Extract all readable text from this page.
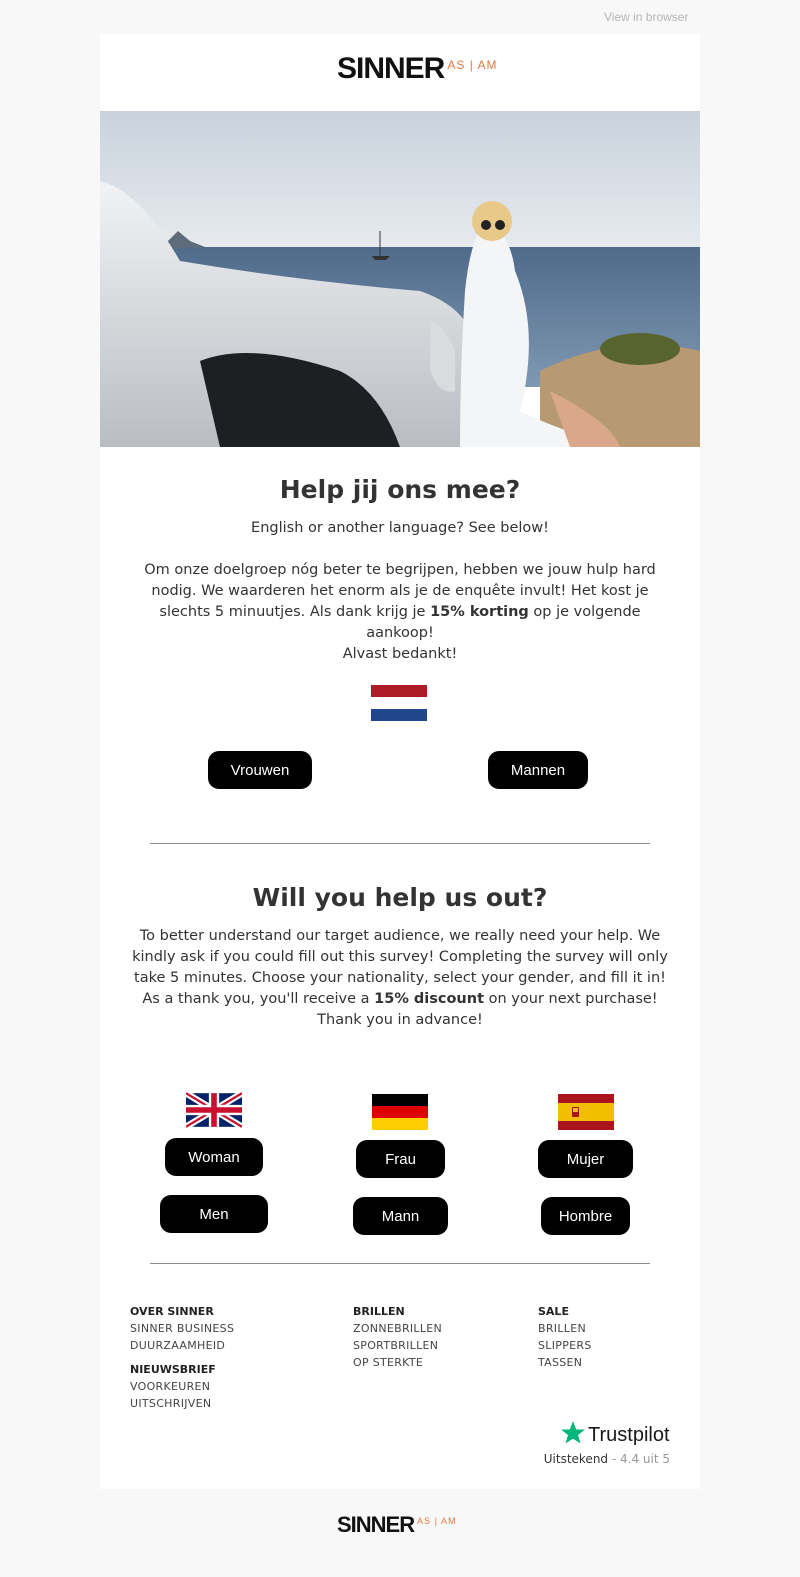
View in browser
SINNER AS | AM
Help jij ons mee?
English or another language? See below!
Om onze doelgroep nóg beter te begrijpen, hebben we jouw hulp hard nodig. We waarderen het enorm als je de enquête invult! Het kost je slechts 5 minuutjes. Als dank krijg je 15% korting op je volgende aankoop!
Alvast bedankt!
Vrouwen	Mannen
Will you help us out?
To better understand our target audience, we really need your help. We kindly ask if you could fill out this survey! Completing the survey will only take 5 minutes. Choose your nationality, select your gender, and fill it in! As a thank you, you'll receive a 15% discount on your next purchase!
Thank you in advance!
Woman
Men
Frau
Mann
Mujer
Hombre
OVER SINNER
SINNER BUSINESS
DUURZAAMHEID
NIEUWSBRIEF
VOORKEUREN
UITSCHRIJVEN
BRILLEN
ZONNEBRILLEN
SPORTBRILLEN
OP STERKTE
SALE
BRILLEN
SLIPPERS
TASSEN
Trustpilot
Uitstekend - 4.4 uit 5
SINNER AS | AM
